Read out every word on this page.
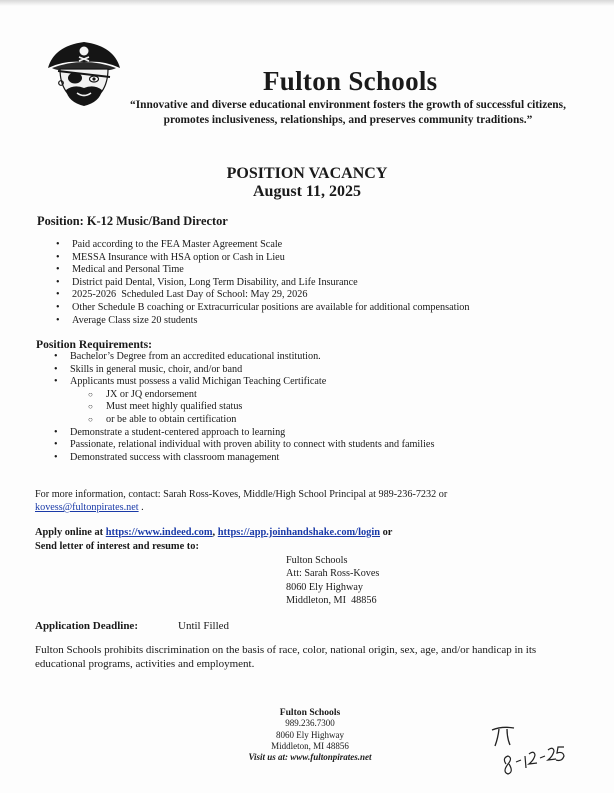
Fulton Schools
“Innovative and diverse educational environment fosters the growth of successful citizens, promotes inclusiveness, relationships, and preserves community traditions.”
POSITION VACANCY
August 11, 2025
Position: K-12 Music/Band Director
• Paid according to the FEA Master Agreement Scale
• MESSA Insurance with HSA option or Cash in Lieu
• Medical and Personal Time
• District paid Dental, Vision, Long Term Disability, and Life Insurance
• 2025-2026  Scheduled Last Day of School: May 29, 2026
• Other Schedule B coaching or Extracurricular positions are available for additional compensation
• Average Class size 20 students
Position Requirements:
• Bachelor’s Degree from an accredited educational institution.
• Skills in general music, choir, and/or band
• Applicants must possess a valid Michigan Teaching Certificate
○ JX or JQ endorsement
○ Must meet highly qualified status
○ or be able to obtain certification
• Demonstrate a student-centered approach to learning
• Passionate, relational individual with proven ability to connect with students and families
• Demonstrated success with classroom management
For more information, contact: Sarah Ross-Koves, Middle/High School Principal at 989-236-7232 or
kovess@fultonpirates.net .
Apply online at https://www.indeed.com, https://app.joinhandshake.com/login or
Send letter of interest and resume to:
Fulton Schools
Att: Sarah Ross-Koves
8060 Ely Highway
Middleton, MI  48856
Application Deadline:	Until Filled
Fulton Schools prohibits discrimination on the basis of race, color, national origin, sex, age, and/or handicap in its educational programs, activities and employment.
Fulton Schools
989.236.7300
8060 Ely Highway
Middleton, MI 48856
Visit us at: www.fultonpirates.net
